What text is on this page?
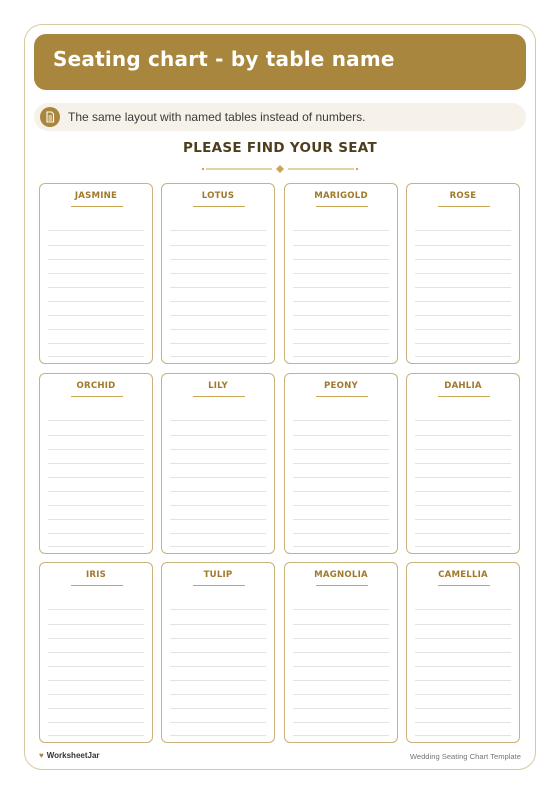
Seating chart - by table name
The same layout with named tables instead of numbers.
PLEASE FIND YOUR SEAT
JASMINE	LOTUS	MARIGOLD	ROSE
ORCHID	LILY	PEONY	DAHLIA
IRIS	TULIP	MAGNOLIA	CAMELLIA
♥ WorksheetJar	Wedding Seating Chart Template
